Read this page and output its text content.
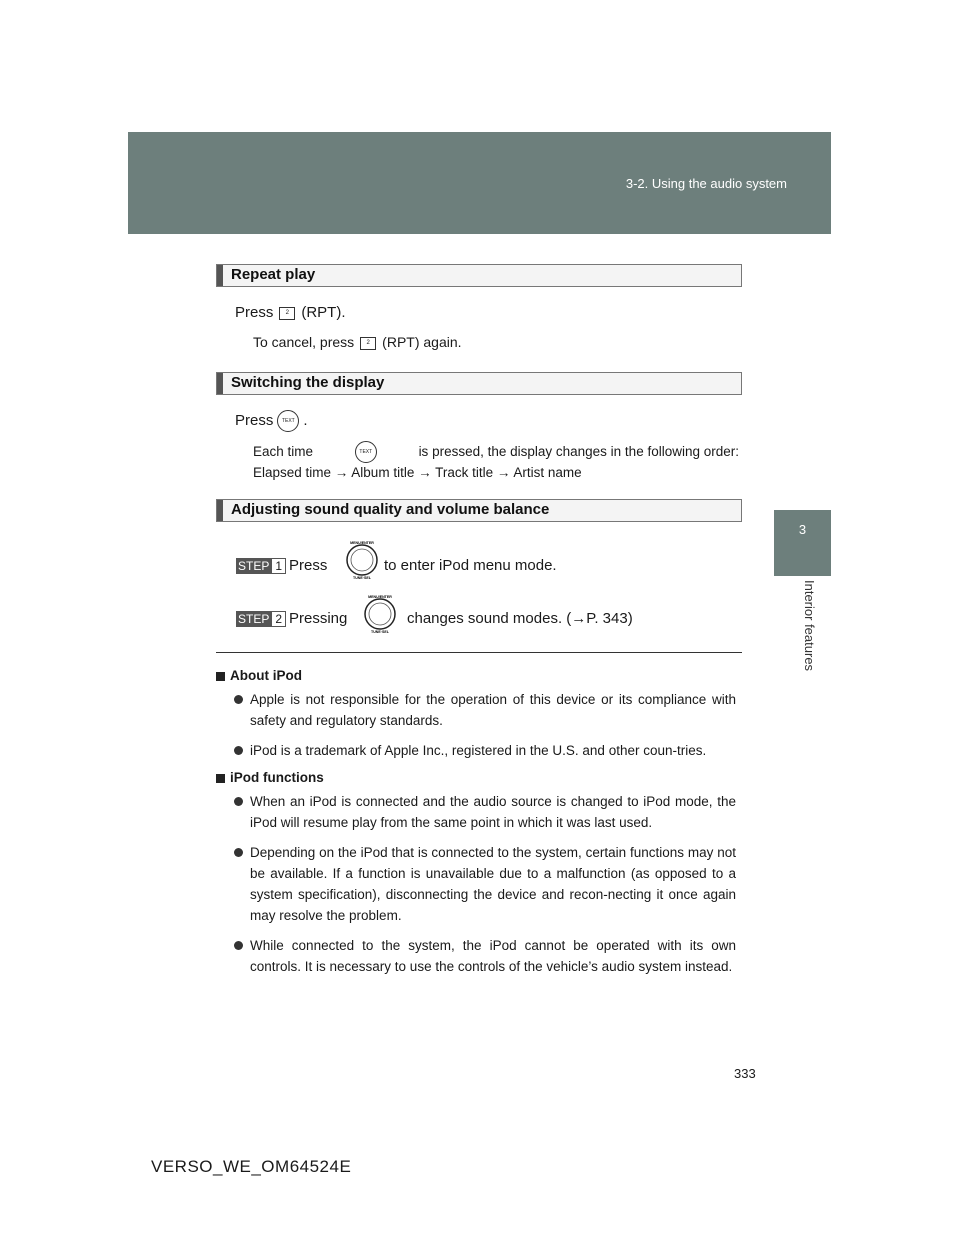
3-2. Using the audio system
3
Interior features
Repeat play
Press 2 (RPT).
To cancel, press 2 (RPT) again.
Switching the display
Press TEXT .
Each time	TEXT	is pressed, the display changes in the following order:
Elapsed time → Album title → Track title → Artist name
Adjusting sound quality and volume balance
STEP 1 Press
MENU/ENTER
TUNE·SEL
to enter iPod menu mode.
STEP 2 Pressing
MENU/ENTER
TUNE·SEL
changes sound modes. (→P. 343)
About iPod
Apple is not responsible for the operation of this device or its compliance with safety and regulatory standards.
iPod is a trademark of Apple Inc., registered in the U.S. and other coun-tries.
iPod functions
When an iPod is connected and the audio source is changed to iPod mode, the iPod will resume play from the same point in which it was last used.
Depending on the iPod that is connected to the system, certain functions may not be available. If a function is unavailable due to a malfunction (as opposed to a system specification), disconnecting the device and recon-necting it once again may resolve the problem.
While connected to the system, the iPod cannot be operated with its own controls. It is necessary to use the controls of the vehicle’s audio system instead.
333
VERSO_WE_OM64524E
